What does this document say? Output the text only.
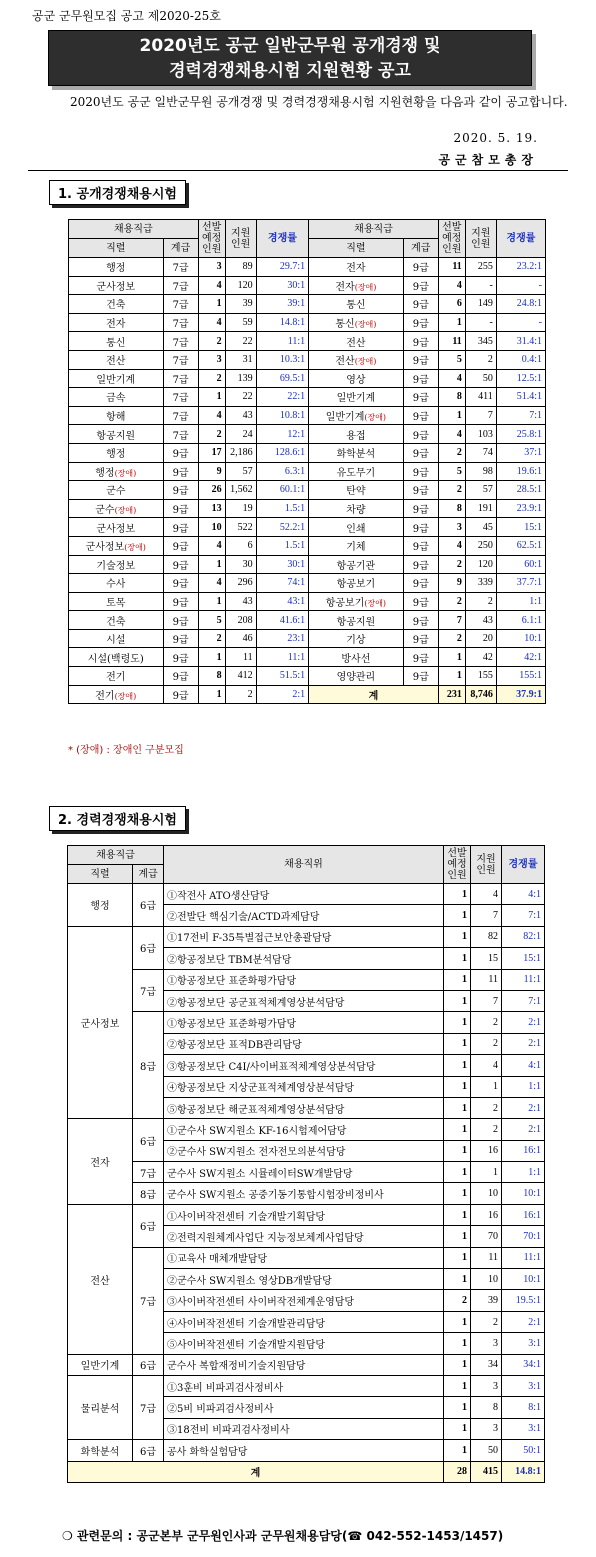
공군 군무원모집 공고 제2020-25호
2020년도 공군 일반군무원 공개경쟁 및
경력경쟁채용시험 지원현황 공고
2020년도 공군 일반군무원 공개경쟁 및 경력경쟁채용시험 지원현황을 다음과 같이 공고합니다.
2020. 5. 19.
공군참모총장
1. 공개경쟁채용시험
채용직급		선발 예정 인원	지원 인원	경쟁률	채용직급		선발 예정 인원	지원 인원	경쟁률
직렬	계급				직렬	계급			
행정	7급	3	89	29.7:1	전자	9급	11	255	23.2:1
군사정보	7급	4	120	30:1	전자(장애)	9급	4	-	-
건축	7급	1	39	39:1	통신	9급	6	149	24.8:1
전자	7급	4	59	14.8:1	통신(장애)	9급	1	-	-
통신	7급	2	22	11:1	전산	9급	11	345	31.4:1
전산	7급	3	31	10.3:1	전산(장애)	9급	5	2	0.4:1
일반기계	7급	2	139	69.5:1	영상	9급	4	50	12.5:1
금속	7급	1	22	22:1	일반기계	9급	8	411	51.4:1
항해	7급	4	43	10.8:1	일반기계(장애)	9급	1	7	7:1
항공지원	7급	2	24	12:1	용접	9급	4	103	25.8:1
행정	9급	17	2,186	128.6:1	화학분석	9급	2	74	37:1
행정(장애)	9급	9	57	6.3:1	유도무기	9급	5	98	19.6:1
군수	9급	26	1,562	60.1:1	탄약	9급	2	57	28.5:1
군수(장애)	9급	13	19	1.5:1	차량	9급	8	191	23.9:1
군사정보	9급	10	522	52.2:1	인쇄	9급	3	45	15:1
군사정보(장애)	9급	4	6	1.5:1	기체	9급	4	250	62.5:1
기술정보	9급	1	30	30:1	항공기관	9급	2	120	60:1
수사	9급	4	296	74:1	항공보기	9급	9	339	37.7:1
토목	9급	1	43	43:1	항공보기(장애)	9급	2	2	1:1
건축	9급	5	208	41.6:1	항공지원	9급	7	43	6.1:1
시설	9급	2	46	23:1	기상	9급	2	20	10:1
시설(백령도)	9급	1	11	11:1	방사선	9급	1	42	42:1
전기	9급	8	412	51.5:1	영양관리	9급	1	155	155:1
전기(장애)	9급	1	2	2:1	계		231	8,746	37.9:1
* (장애) : 장애인 구분모집
2. 경력경쟁채용시험
채용직급		채용직위	선발 예정 인원	지원 인원	경쟁률
직렬	계급				
행정	6급	①작전사 ATO생산담당	1	4	4:1
		②전발단 핵심기술/ACTD과제담당	1	7	7:1
군사정보	6급	①17전비 F-35특별접근보안총괄담당	1	82	82:1
		②항공정보단 TBM분석담당	1	15	15:1
	7급	①항공정보단 표준화평가담당	1	11	11:1
		②항공정보단 공군표적체계영상분석담당	1	7	7:1
	8급	①항공정보단 표준화평가담당	1	2	2:1
		②항공정보단 표적DB관리담당	1	2	2:1
		③항공정보단 C4I/사이버표적체계영상분석담당	1	4	4:1
		④항공정보단 지상군표적체계영상분석담당	1	1	1:1
		⑤항공정보단 해군표적체계영상분석담당	1	2	2:1
전자	6급	①군수사 SW지원소 KF-16시험제어담당	1	2	2:1
		②군수사 SW지원소 전자전모의분석담당	1	16	16:1
	7급	군수사 SW지원소 시뮬레이터SW개발담당	1	1	1:1
	8급	군수사 SW지원소 공중기동기통합시험장비정비사	1	10	10:1
전산	6급	①사이버작전센터 기술개발기획담당	1	16	16:1
		②전력지원체계사업단 지능정보체계사업담당	1	70	70:1
	7급	①교육사 매체개발담당	1	11	11:1
		②군수사 SW지원소 영상DB개발담당	1	10	10:1
		③사이버작전센터 사이버작전체계운영담당	2	39	19.5:1
		④사이버작전센터 기술개발관리담당	1	2	2:1
		⑤사이버작전센터 기술개발지원담당	1	3	3:1
일반기계	6급	군수사 복합재정비기술지원담당	1	34	34:1
물리분석	7급	①3훈비 비파괴검사정비사	1	3	3:1
		②5비 비파괴검사정비사	1	8	8:1
		③18전비 비파괴검사정비사	1	3	3:1
화학분석	6급	공사 화학실험담당	1	50	50:1
계			28	415	14.8:1
❍ 관련문의 : 공군본부 군무원인사과 군무원채용담당(☎ 042-552-1453/1457)
